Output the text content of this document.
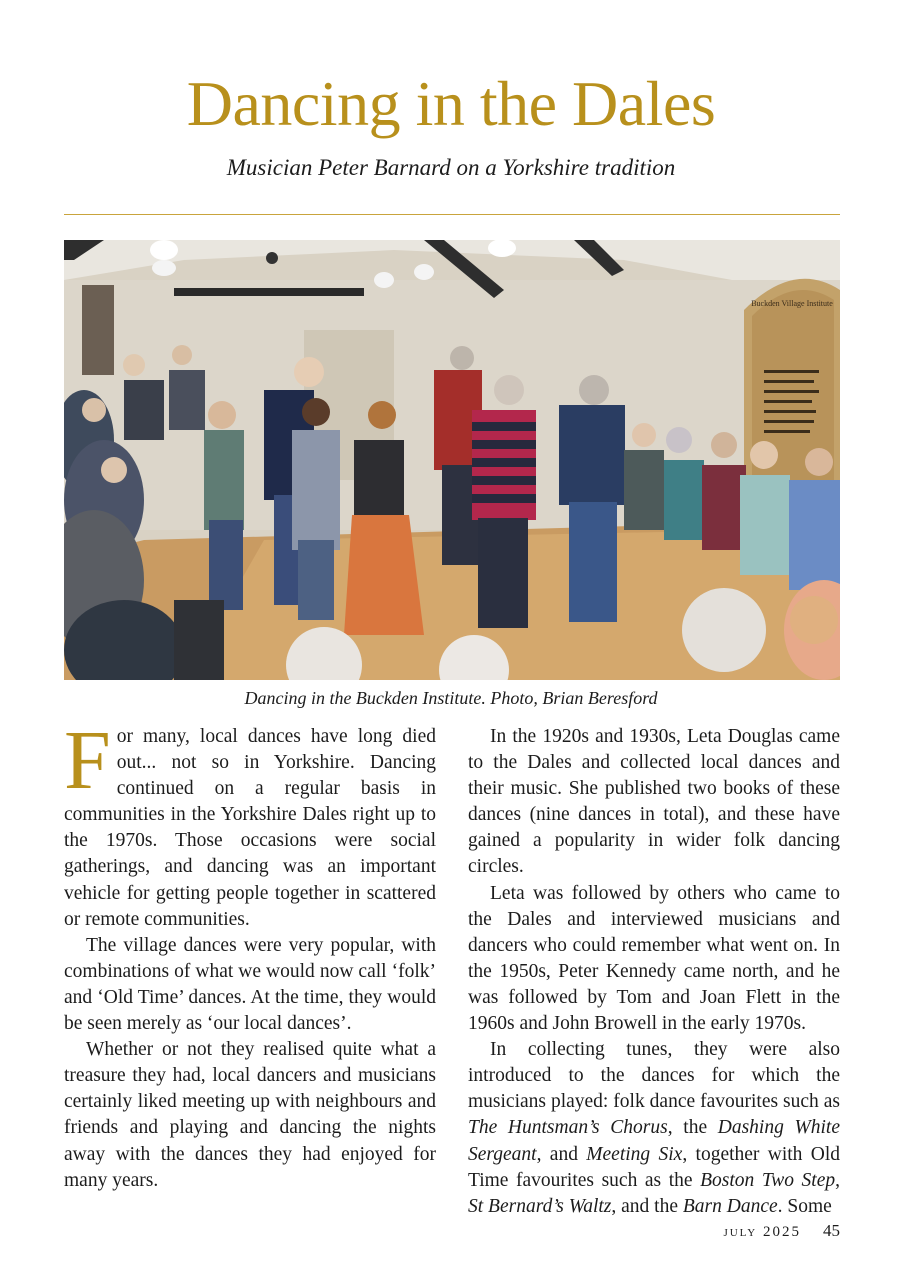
Dancing in the Dales
Musician Peter Barnard on a Yorkshire tradition
Buckden Village Institute
Dancing in the Buckden Institute. Photo, Brian Beresford

For many, local dances have long died out... not so in Yorkshire. Dancing continued on a regular basis in communities in the Yorkshire Dales right up to the 1970s. Those occasions were social gatherings, and dancing was an important vehicle for getting people together in scattered or remote communities.

The village dances were very popular, with combinations of what we would now call ‘folk’ and ‘Old Time’ dances. At the time, they would be seen merely as ‘our local dances’.

Whether or not they realised quite what a treasure they had, local dancers and musicians certainly liked meeting up with neighbours and friends and playing and dancing the nights away with the dances they had enjoyed for many years.

In the 1920s and 1930s, Leta Douglas came to the Dales and collected local dances and their music. She published two books of these dances (nine dances in total), and these have gained a popularity in wider folk dancing circles.

Leta was followed by others who came to the Dales and interviewed musicians and dancers who could remember what went on. In the 1950s, Peter Kennedy came north, and he was followed by Tom and Joan Flett in the 1960s and John Browell in the early 1970s.

In collecting tunes, they were also introduced to the dances for which the musicians played: folk dance favourites such as The Huntsman’s Chorus, the Dashing White Sergeant, and Meeting Six, together with Old Time favourites such as the Boston Two Step, St Bernard’s Waltz, and the Barn Dance. Some

july 2025 45
